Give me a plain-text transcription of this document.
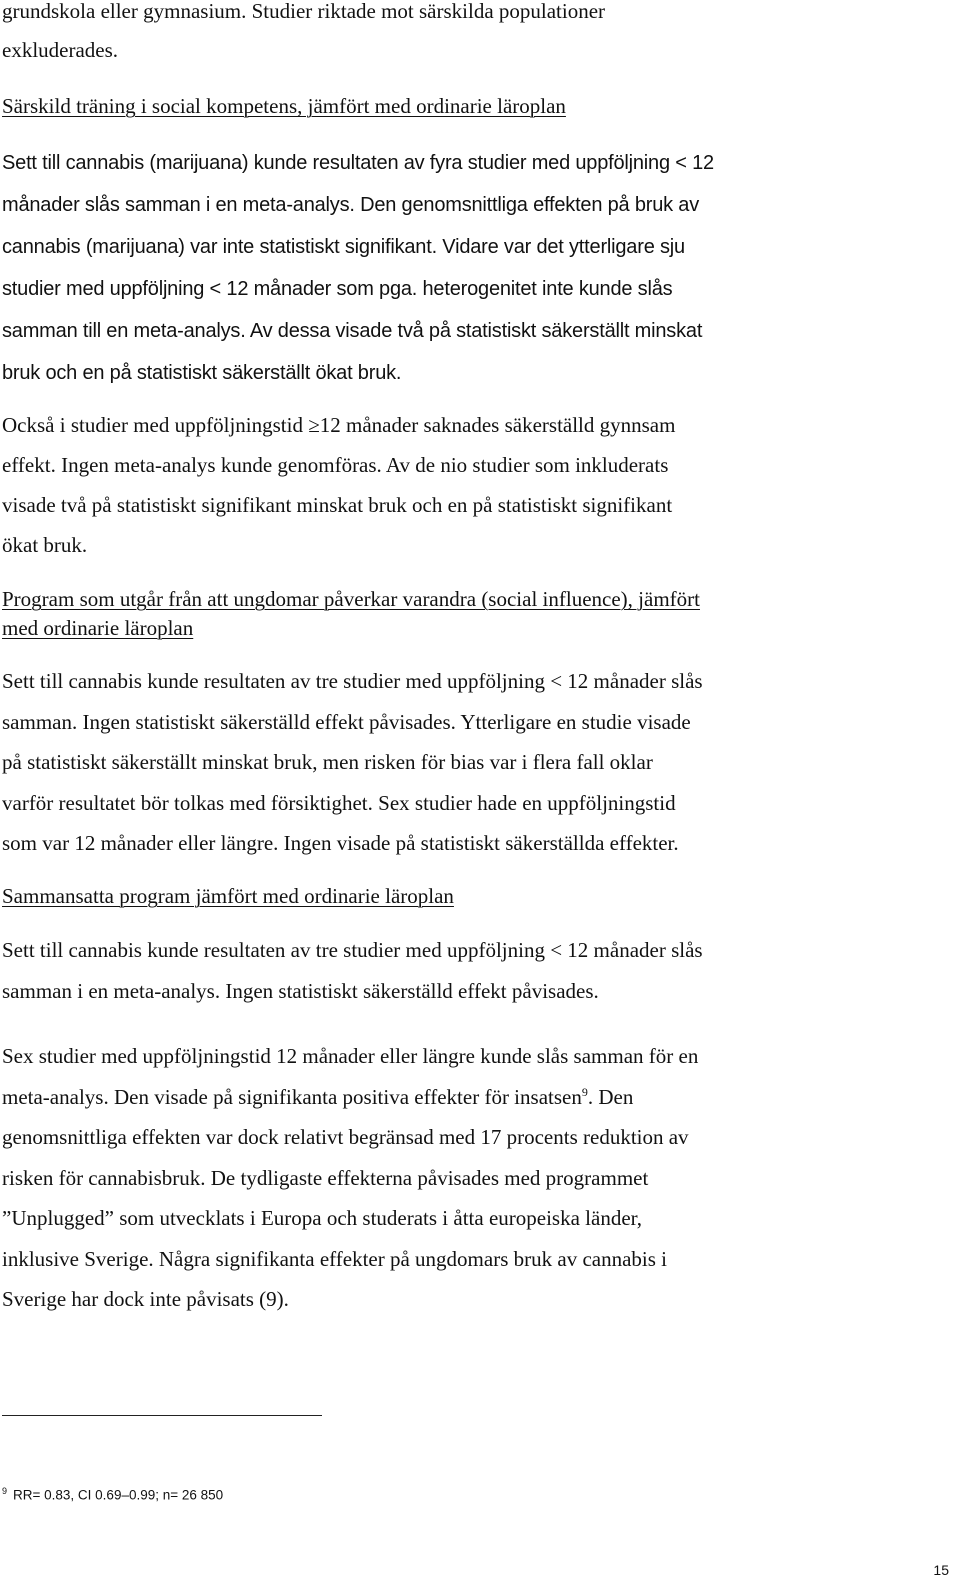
grundskola eller gymnasium. Studier riktade mot särskilda populationer
exkluderades.
Särskild träning i social kompetens, jämfört med ordinarie läroplan
Sett till cannabis (marijuana) kunde resultaten av fyra studier med uppföljning < 12
månader slås samman i en meta-analys. Den genomsnittliga effekten på bruk av
cannabis (marijuana) var inte statistiskt signifikant. Vidare var det ytterligare sju
studier med uppföljning < 12 månader som pga. heterogenitet inte kunde slås
samman till en meta-analys. Av dessa visade två på statistiskt säkerställt minskat
bruk och en på statistiskt säkerställt ökat bruk.
Också i studier med uppföljningstid ≥12 månader saknades säkerställd gynnsam
effekt. Ingen meta-analys kunde genomföras. Av de nio studier som inkluderats
visade två på statistiskt signifikant minskat bruk och en på statistiskt signifikant
ökat bruk.
Program som utgår från att ungdomar påverkar varandra (social influence), jämfört
med ordinarie läroplan
Sett till cannabis kunde resultaten av tre studier med uppföljning < 12 månader slås
samman. Ingen statistiskt säkerställd effekt påvisades. Ytterligare en studie visade
på statistiskt säkerställt minskat bruk, men risken för bias var i flera fall oklar
varför resultatet bör tolkas med försiktighet. Sex studier hade en uppföljningstid
som var 12 månader eller längre. Ingen visade på statistiskt säkerställda effekter.
Sammansatta program jämfört med ordinarie läroplan
Sett till cannabis kunde resultaten av tre studier med uppföljning < 12 månader slås
samman i en meta-analys. Ingen statistiskt säkerställd effekt påvisades.
Sex studier med uppföljningstid 12 månader eller längre kunde slås samman för en
meta-analys. Den visade på signifikanta positiva effekter för insatsen$^9$. Den
genomsnittliga effekten var dock relativt begränsad med 17 procents reduktion av
risken för cannabisbruk. De tydligaste effekterna påvisades med programmet
”Unplugged” som utvecklats i Europa och studerats i åtta europeiska länder,
inklusive Sverige. Några signifikanta effekter på ungdomars bruk av cannabis i
Sverige har dock inte påvisats (9).
$^9$ RR= 0.83, CI 0.69–0.99; n= 26 850
15
